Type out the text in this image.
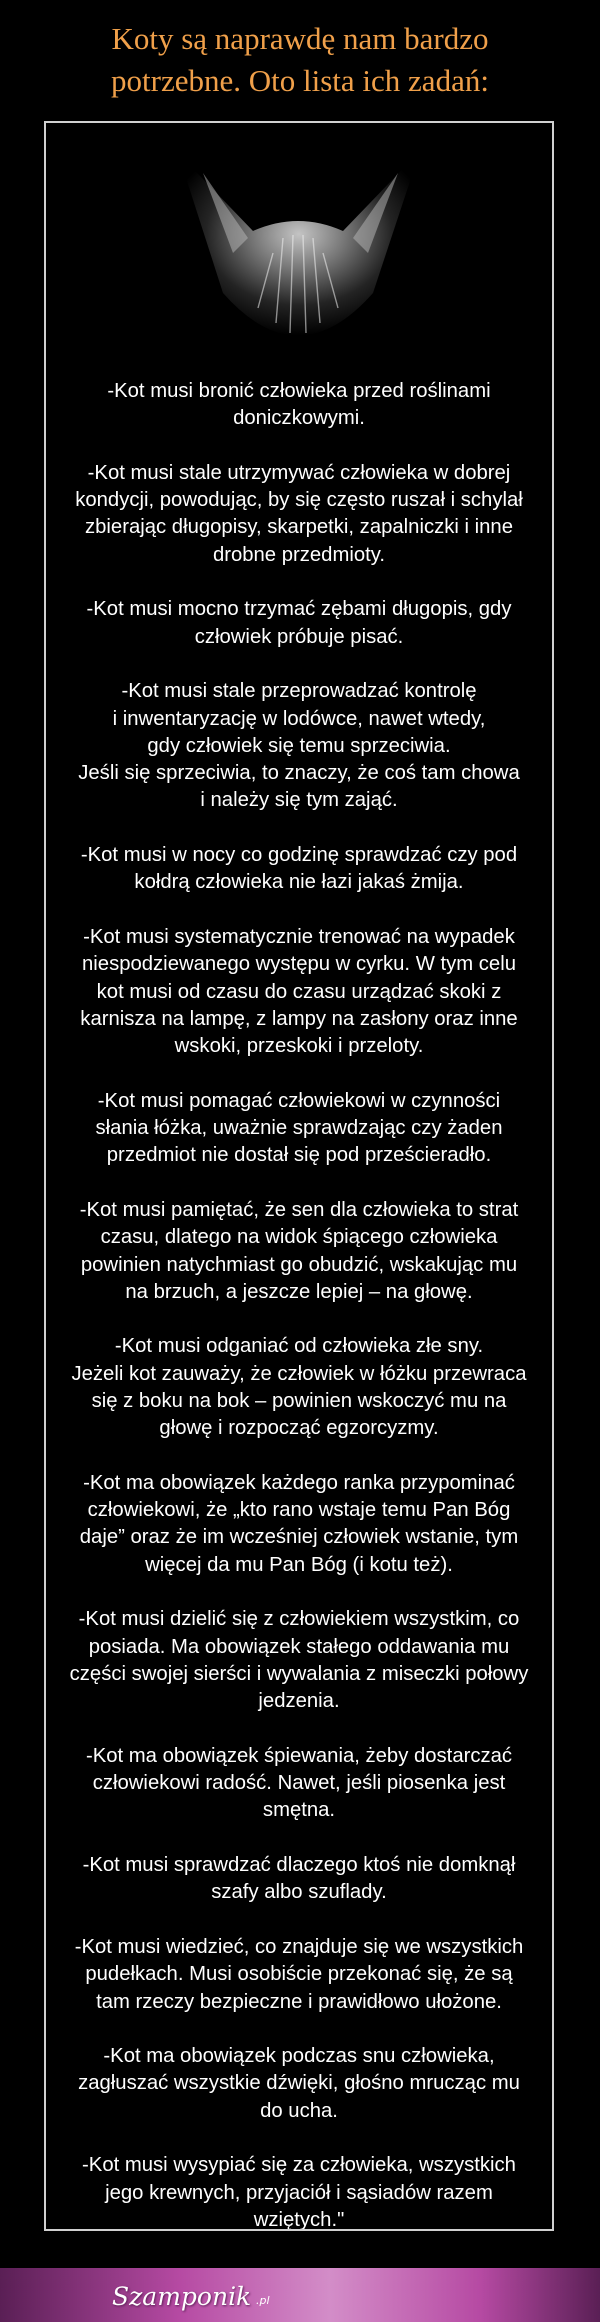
Koty są naprawdę nam bardzo
potrzebne. Oto lista ich zadań:
-Kot musi bronić człowieka przed roślinami
doniczkowymi.

-Kot musi stale utrzymywać człowieka w dobrej
kondycji, powodując, by się często ruszał i schylał
zbierając długopisy, skarpetki, zapalniczki i inne
drobne przedmioty.

-Kot musi mocno trzymać zębami długopis, gdy
człowiek próbuje pisać.

-Kot musi stale przeprowadzać kontrolę
i inwentaryzację w lodówce, nawet wtedy,
gdy człowiek się temu sprzeciwia.
Jeśli się sprzeciwia, to znaczy, że coś tam chowa
i należy się tym zająć.

-Kot musi w nocy co godzinę sprawdzać czy pod
kołdrą człowieka nie łazi jakaś żmija.

-Kot musi systematycznie trenować na wypadek
niespodziewanego występu w cyrku. W tym celu
kot musi od czasu do czasu urządzać skoki z
karnisza na lampę, z lampy na zasłony oraz inne
wskoki, przeskoki i przeloty.

-Kot musi pomagać człowiekowi w czynności
słania łóżka, uważnie sprawdzając czy żaden
przedmiot nie dostał się pod prześcieradło.

-Kot musi pamiętać, że sen dla człowieka to strat
czasu, dlatego na widok śpiącego człowieka
powinien natychmiast go obudzić, wskakując mu
na brzuch, a jeszcze lepiej – na głowę.

-Kot musi odganiać od człowieka złe sny.
Jeżeli kot zauważy, że człowiek w łóżku przewraca
się z boku na bok – powinien wskoczyć mu na
głowę i rozpocząć egzorcyzmy.

-Kot ma obowiązek każdego ranka przypominać
człowiekowi, że „kto rano wstaje temu Pan Bóg
daje” oraz że im wcześniej człowiek wstanie, tym
więcej da mu Pan Bóg (i kotu też).

-Kot musi dzielić się z człowiekiem wszystkim, co
posiada. Ma obowiązek stałego oddawania mu
części swojej sierści i wywalania z miseczki połowy
jedzenia.

-Kot ma obowiązek śpiewania, żeby dostarczać
człowiekowi radość. Nawet, jeśli piosenka jest
smętna.

-Kot musi sprawdzać dlaczego ktoś nie domknął
szafy albo szuflady.

-Kot musi wiedzieć, co znajduje się we wszystkich
pudełkach. Musi osobiście przekonać się, że są
tam rzeczy bezpieczne i prawidłowo ułożone.

-Kot ma obowiązek podczas snu człowieka,
zagłuszać wszystkie dźwięki, głośno mrucząc mu
do ucha.

-Kot musi wysypiać się za człowieka, wszystkich
jego krewnych, przyjaciół i sąsiadów razem
wziętych."
Szamponik .pl
